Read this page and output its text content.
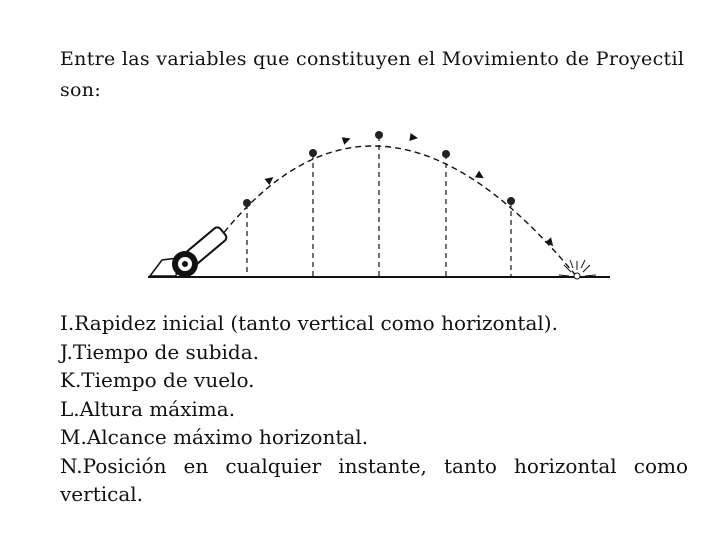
Entre las variables que constituyen el Movimiento de Proyectil son:

I.Rapidez inicial (tanto vertical como horizontal).
J.Tiempo de subida.
K.Tiempo de vuelo.
L.Altura máxima.
M.Alcance máximo horizontal.
N.Posición en cualquier instante, tanto horizontal como vertical.
